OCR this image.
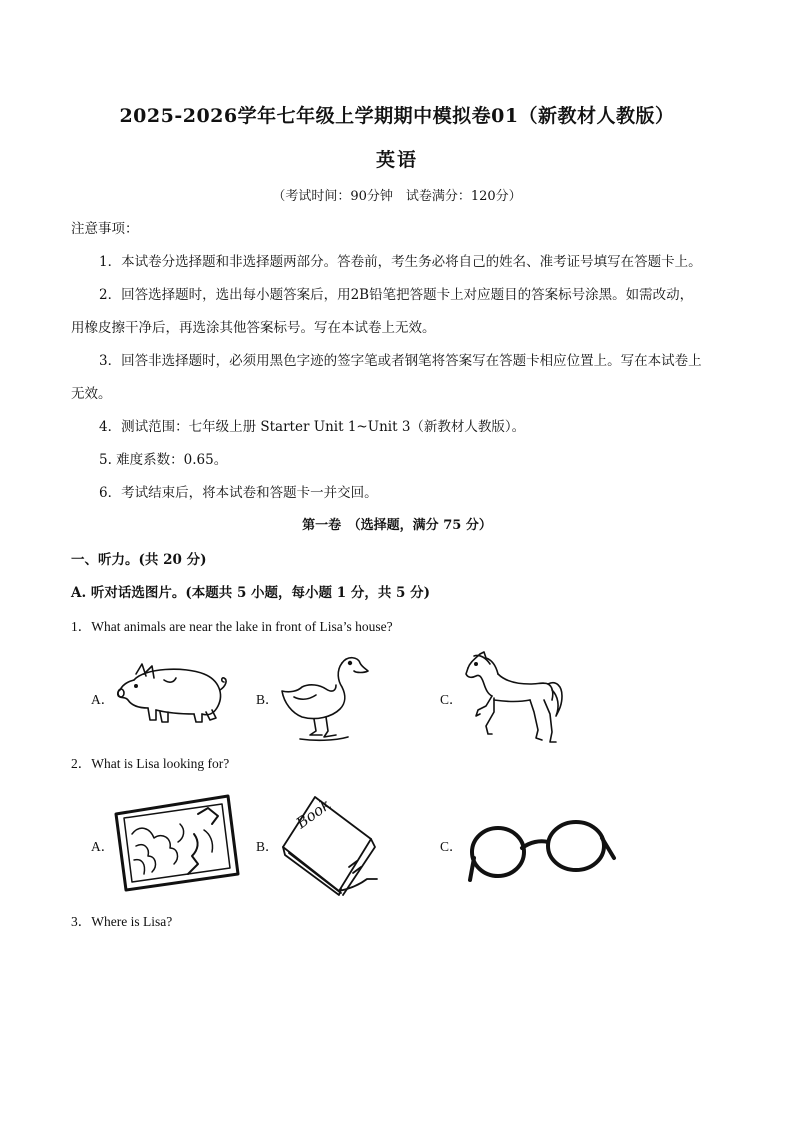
2025-2026学年七年级上学期期中模拟卷01（新教材人教版）
英语
（考试时间：90分钟　试卷满分：120分）
注意事项：
1．本试卷分选择题和非选择题两部分。答卷前，考生务必将自己的姓名、准考证号填写在答题卡上。
2．回答选择题时，选出每小题答案后，用2B铅笔把答题卡上对应题目的答案标号涂黑。如需改动，
用橡皮擦干净后，再选涂其他答案标号。写在本试卷上无效。
3．回答非选择题时，必须用黑色字迹的签字笔或者钢笔将答案写在答题卡相应位置上。写在本试卷上
无效。
4．测试范围：七年级上册 Starter Unit 1~Unit 3（新教材人教版）。
5. 难度系数：0.65。
6．考试结束后，将本试卷和答题卡一并交回。
第一卷　（选择题，满分 75 分）
一、听力。(共 20 分)
A. 听对话选图片。(本题共 5 小题，每小题 1 分，共 5 分)
1．What animals are near the lake in front of Lisa’s house?
A．	B．	C．
2．What is Lisa looking for?
A．	B．	C．
Book
3．Where is Lisa?
